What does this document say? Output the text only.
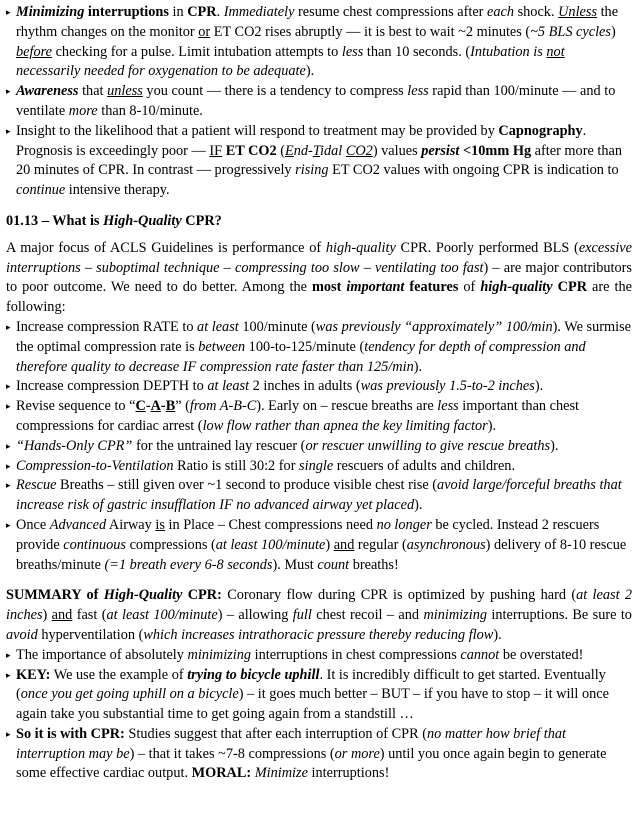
▸
Minimizing interruptions in CPR. Immediately resume chest compressions after each shock. Unless the rhythm changes on the monitor or ET CO2 rises abruptly — it is best to wait ~2 minutes (~5 BLS cycles) before checking for a pulse. Limit intubation attempts to less than 10 seconds. (Intubation is not necessarily needed for oxygenation to be adequate).
▸
Awareness that unless you count — there is a tendency to compress less rapid than 100/minute — and to ventilate more than 8-10/minute.
▸
Insight to the likelihood that a patient will respond to treatment may be provided by Capnography. Prognosis is exceedingly poor — IF ET CO2 (End-Tidal CO2) values persist <10mm Hg after more than 20 minutes of CPR. In contrast — progressively rising ET CO2 values with ongoing CPR is indication to continue intensive therapy.

01.13 – What is High-Quality CPR?

A major focus of ACLS Guidelines is performance of high-quality CPR. Poorly performed BLS (excessive interruptions – suboptimal technique – compressing too slow – ventilating too fast) – are major contributors to poor outcome. We need to do better. Among the most important features of high-quality CPR are the following:

▸
Increase compression RATE to at least 100/minute (was previously “approximately” 100/min). We surmise the optimal compression rate is between 100-to-125/minute (tendency for depth of compression and therefore quality to decrease IF compression rate faster than 125/min).
▸
Increase compression DEPTH to at least 2 inches in adults (was previously 1.5-to-2 inches).
▸
Revise sequence to “C-A-B” (from A-B-C). Early on – rescue breaths are less important than chest compressions for cardiac arrest (low flow rather than apnea the key limiting factor).
▸
“Hands-Only CPR” for the untrained lay rescuer (or rescuer unwilling to give rescue breaths).
▸
Compression-to-Ventilation Ratio is still 30:2 for single rescuers of adults and children.
▸
Rescue Breaths – still given over ~1 second to produce visible chest rise (avoid large/forceful breaths that increase risk of gastric insufflation IF no advanced airway yet placed).
▸
Once Advanced Airway is in Place – Chest compressions need no longer be cycled. Instead 2 rescuers provide continuous compressions (at least 100/minute) and regular (asynchronous) delivery of 8-10 rescue breaths/minute (=1 breath every 6-8 seconds). Must count breaths!

SUMMARY of High-Quality CPR: Coronary flow during CPR is optimized by pushing hard (at least 2 inches) and fast (at least 100/minute) – allowing full chest recoil – and minimizing interruptions. Be sure to avoid hyperventilation (which increases intrathoracic pressure thereby reducing flow).

▸
The importance of absolutely minimizing interruptions in chest compressions cannot be overstated!
▸
KEY: We use the example of trying to bicycle uphill. It is incredibly difficult to get started. Eventually (once you get going uphill on a bicycle) – it goes much better – BUT – if you have to stop – it will once again take you substantial time to get going again from a standstill …
▸
So it is with CPR: Studies suggest that after each interruption of CPR (no matter how brief that interruption may be) – that it takes ~7-8 compressions (or more) until you once again begin to generate some effective cardiac output. MORAL: Minimize interruptions!
